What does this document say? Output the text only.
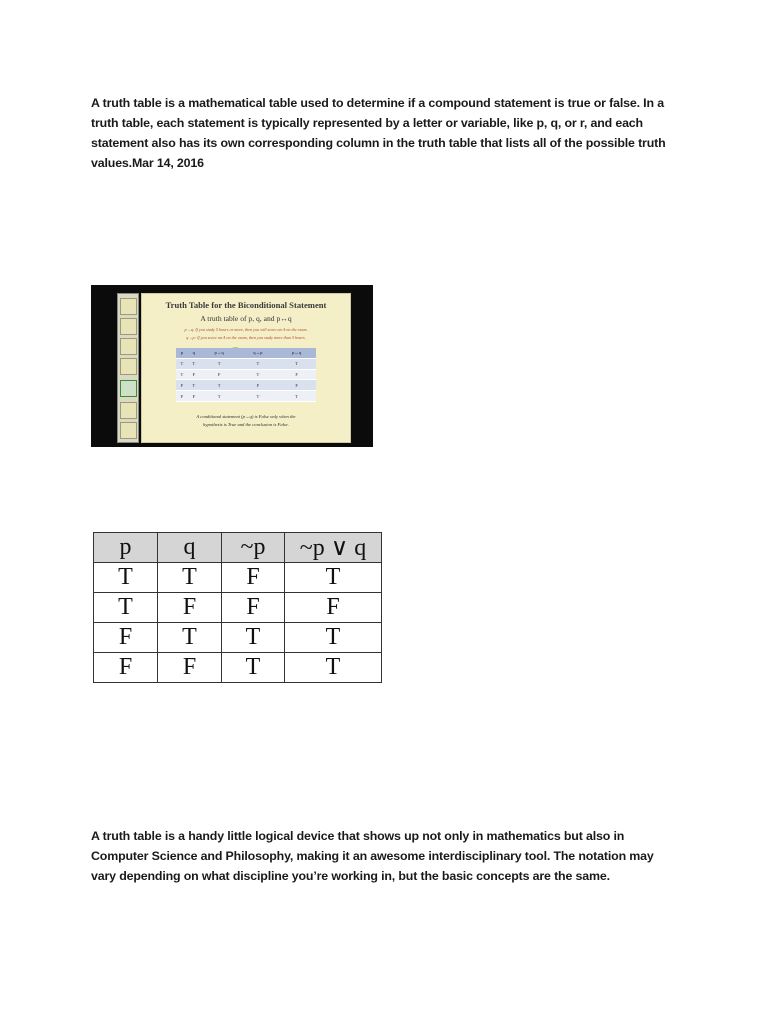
A truth table is a mathematical table used to determine if a compound statement is true or false. In a truth table, each statement is typically represented by a letter or variable, like p, q, or r, and each statement also has its own corresponding column in the truth table that lists all of the possible truth values.Mar 14, 2016

Truth Table for the Biconditional Statement
A truth table of p, q, and p↔q
p→q: If you study 5 hours or more, then you will score an A on the exam.
q→p: If you score an A on the exam, then you study more than 5 hours.
p	q	p→q	q→p	p↔q
T	T	T	T	T
T	F	F	T	F
F	T	T	F	F
F	F	T	T	T
A conditional statement (p→q) is False only when the
hypothesis is True and the conclusion is False.
p	q	~p	~p ∨ q
T	T	F	T
T	F	F	F
F	T	T	T
F	F	T	T

A truth table is a handy little logical device that shows up not only in mathematics but also in Computer Science and Philosophy, making it an awesome interdisciplinary tool. The notation may vary depending on what discipline you’re working in, but the basic concepts are the same.
